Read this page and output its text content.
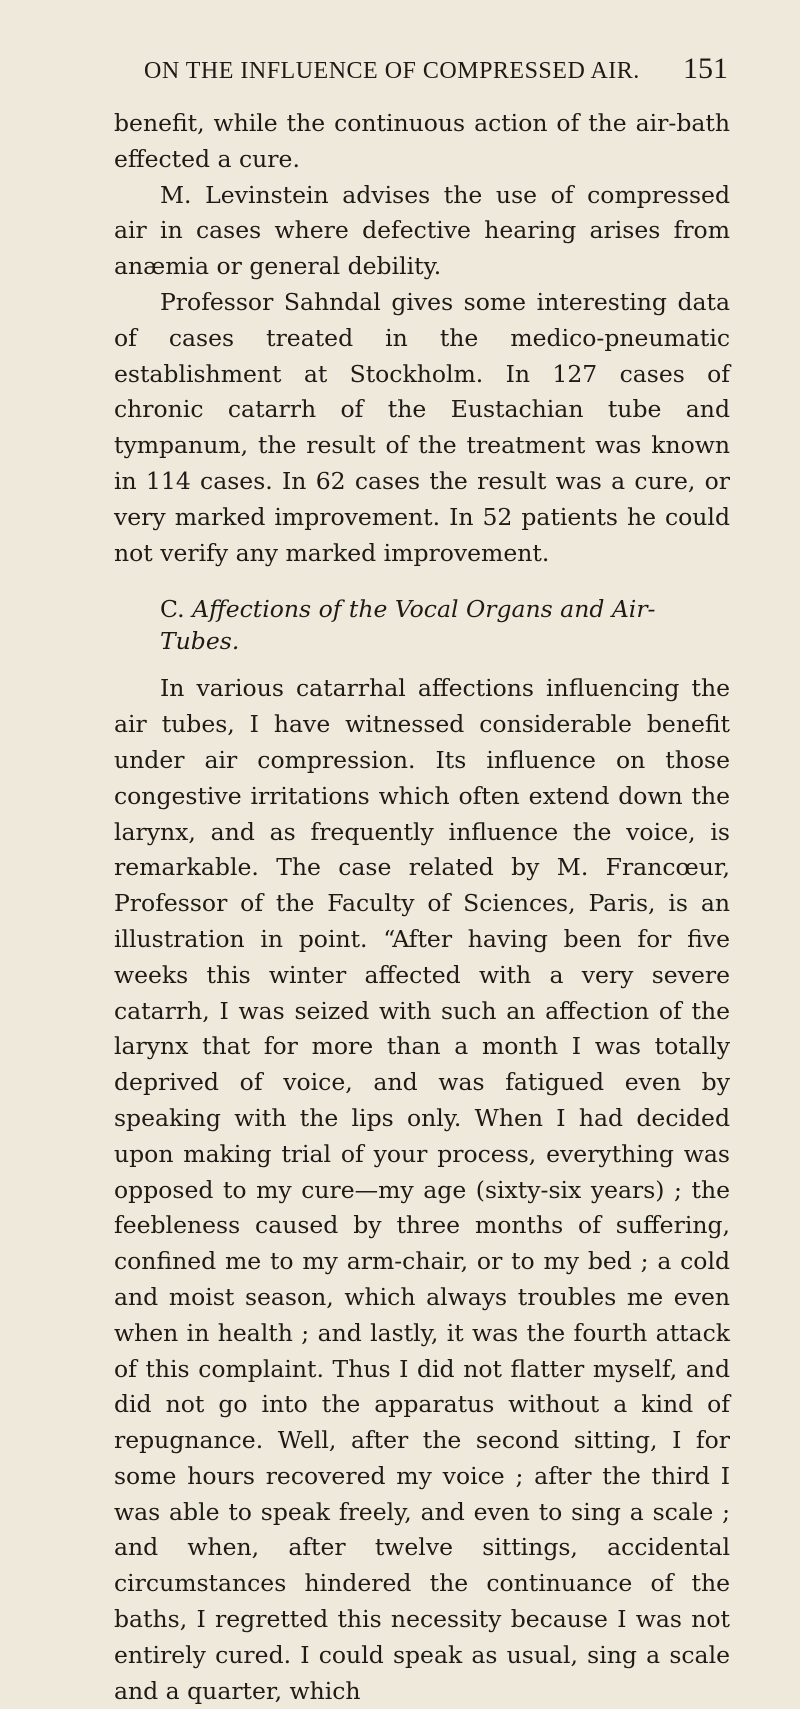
ON THE INFLUENCE OF COMPRESSED AIR. 151

benefit, while the continuous action of the air-bath effected a cure.

M. Levinstein advises the use of compressed air in cases where defective hearing arises from anæmia or general debility.

Professor Sahndal gives some interesting data of cases treated in the medico-pneumatic establishment at Stockholm. In 127 cases of chronic catarrh of the Eustachian tube and tympanum, the result of the treatment was known in 114 cases. In 62 cases the result was a cure, or very marked improvement. In 52 patients he could not verify any marked improvement.

C. Affections of the Vocal Organs and Air-Tubes.

In various catarrhal affections influencing the air tubes, I have witnessed considerable benefit under air compression. Its influence on those congestive irritations which often extend down the larynx, and as frequently influence the voice, is remarkable. The case related by M. Francœur, Professor of the Faculty of Sciences, Paris, is an illustration in point. “After having been for five weeks this winter affected with a very severe catarrh, I was seized with such an affection of the larynx that for more than a month I was totally deprived of voice, and was fatigued even by speaking with the lips only. When I had decided upon making trial of your process, everything was opposed to my cure—my age (sixty-six years) ; the feebleness caused by three months of suffering, confined me to my arm-chair, or to my bed ; a cold and moist season, which always troubles me even when in health ; and lastly, it was the fourth attack of this complaint. Thus I did not flatter myself, and did not go into the apparatus without a kind of repugnance. Well, after the second sitting, I for some hours recovered my voice ; after the third I was able to speak freely, and even to sing a scale ; and when, after twelve sittings, accidental circumstances hindered the continuance of the baths, I regretted this necessity because I was not entirely cured. I could speak as usual, sing a scale and a quarter, which
